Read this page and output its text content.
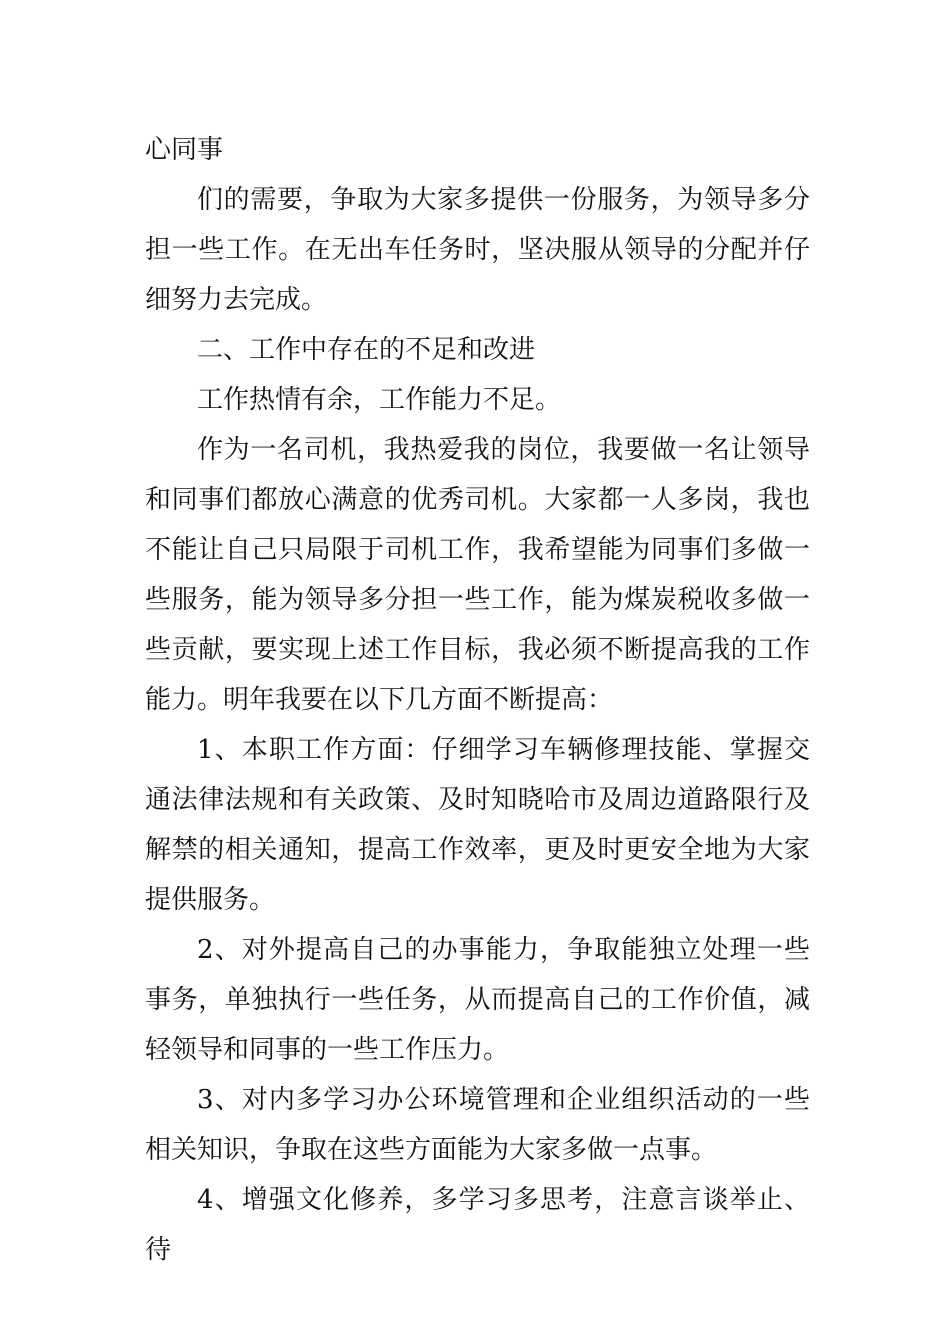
心同事

们的需要，争取为大家多提供一份服务，为领导多分担一些工作。在无出车任务时，坚决服从领导的分配并仔细努力去完成。

二、工作中存在的不足和改进

工作热情有余，工作能力不足。

作为一名司机，我热爱我的岗位，我要做一名让领导和同事们都放心满意的优秀司机。大家都一人多岗，我也不能让自己只局限于司机工作，我希望能为同事们多做一些服务，能为领导多分担一些工作，能为煤炭税收多做一些贡献，要实现上述工作目标，我必须不断提高我的工作能力。明年我要在以下几方面不断提高：

1、本职工作方面：仔细学习车辆修理技能、掌握交通法律法规和有关政策、及时知晓哈市及周边道路限行及解禁的相关通知，提高工作效率，更及时更安全地为大家提供服务。

2、对外提高自己的办事能力，争取能独立处理一些事务，单独执行一些任务，从而提高自己的工作价值，减轻领导和同事的一些工作压力。

3、对内多学习办公环境管理和企业组织活动的一些相关知识，争取在这些方面能为大家多做一点事。

4、增强文化修养，多学习多思考，注意言谈举止、待
